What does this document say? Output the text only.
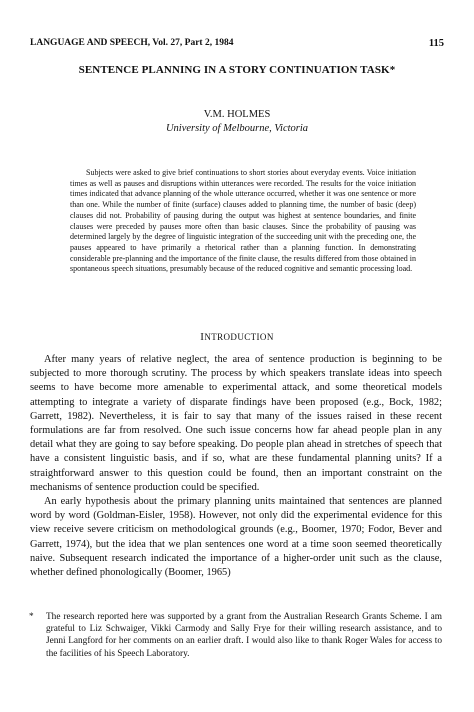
LANGUAGE AND SPEECH, Vol. 27, Part 2, 1984	115
SENTENCE PLANNING IN A STORY CONTINUATION TASK*
V.M. HOLMES
University of Melbourne, Victoria

Subjects were asked to give brief continuations to short stories about everyday events. Voice initiation times as well as pauses and disruptions within utterances were recorded. The results for the voice initiation times indicated that advance planning of the whole utterance occurred, whether it was one sentence or more than one. While the number of finite (surface) clauses added to planning time, the number of basic (deep) clauses did not. Probability of pausing during the output was highest at sentence boundaries, and finite clauses were preceded by pauses more often than basic clauses. Since the probability of pausing was determined largely by the degree of linguistic integration of the succeeding unit with the preceding one, the pauses appeared to have primarily a rhetorical rather than a planning function. In demonstrating considerable pre-planning and the importance of the finite clause, the results differed from those obtained in spontaneous speech situations, presumably because of the reduced cognitive and semantic processing load.

INTRODUCTION

After many years of relative neglect, the area of sentence production is beginning to be subjected to more thorough scrutiny. The process by which speakers translate ideas into speech seems to have become more amenable to experimental attack, and some theoretical models attempting to integrate a variety of disparate findings have been proposed (e.g., Bock, 1982; Garrett, 1982). Nevertheless, it is fair to say that many of the issues raised in these recent formulations are far from resolved. One such issue concerns how far ahead people plan in any detail what they are going to say before speaking. Do people plan ahead in stretches of speech that have a consistent linguistic basis, and if so, what are these fundamental planning units? If a straightforward answer to this question could be found, then an important constraint on the mechanisms of sentence production could be specified.

An early hypothesis about the primary planning units maintained that sentences are planned word by word (Goldman-Eisler, 1958). However, not only did the experimental evidence for this view receive severe criticism on methodological grounds (e.g., Boomer, 1970; Fodor, Bever and Garrett, 1974), but the idea that we plan sentences one word at a time soon seemed theoretically naive. Subsequent research indicated the importance of a higher-order unit such as the clause, whether defined phonologically (Boomer, 1965)

*	The research reported here was supported by a grant from the Australian Research Grants Scheme. I am grateful to Liz Schwaiger, Vikki Carmody and Sally Frye for their willing research assistance, and to Jenni Langford for her comments on an earlier draft. I would also like to thank Roger Wales for access to the facilities of his Speech Laboratory.
